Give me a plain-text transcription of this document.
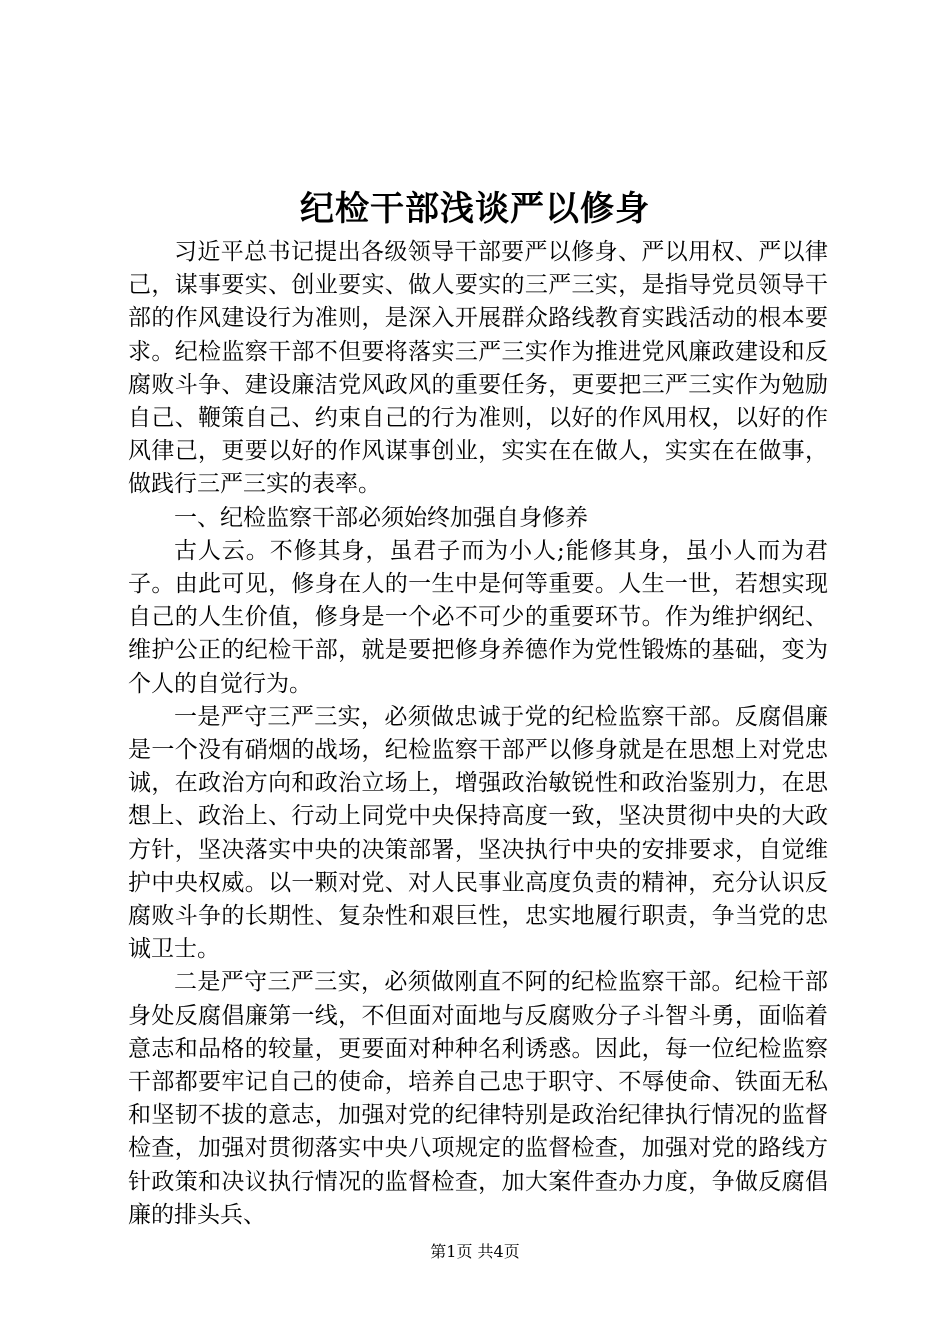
纪检干部浅谈严以修身

习近平总书记提出各级领导干部要严以修身、严以用权、严以律己，谋事要实、创业要实、做人要实的三严三实，是指导党员领导干部的作风建设行为准则，是深入开展群众路线教育实践活动的根本要求。纪检监察干部不但要将落实三严三实作为推进党风廉政建设和反腐败斗争、建设廉洁党风政风的重要任务，更要把三严三实作为勉励自己、鞭策自己、约束自己的行为准则，以好的作风用权，以好的作风律己，更要以好的作风谋事创业，实实在在做人，实实在在做事，做践行三严三实的表率。

一、纪检监察干部必须始终加强自身修养

古人云。不修其身，虽君子而为小人;能修其身，虽小人而为君子。由此可见，修身在人的一生中是何等重要。人生一世，若想实现自己的人生价值，修身是一个必不可少的重要环节。作为维护纲纪、维护公正的纪检干部，就是要把修身养德作为党性锻炼的基础，变为个人的自觉行为。

一是严守三严三实，必须做忠诚于党的纪检监察干部。反腐倡廉是一个没有硝烟的战场，纪检监察干部严以修身就是在思想上对党忠诚，在政治方向和政治立场上，增强政治敏锐性和政治鉴别力，在思想上、政治上、行动上同党中央保持高度一致，坚决贯彻中央的大政方针，坚决落实中央的决策部署，坚决执行中央的安排要求，自觉维护中央权威。以一颗对党、对人民事业高度负责的精神，充分认识反腐败斗争的长期性、复杂性和艰巨性，忠实地履行职责，争当党的忠诚卫士。

二是严守三严三实，必须做刚直不阿的纪检监察干部。纪检干部身处反腐倡廉第一线，不但面对面地与反腐败分子斗智斗勇，面临着意志和品格的较量，更要面对种种名利诱惑。因此，每一位纪检监察干部都要牢记自己的使命，培养自己忠于职守、不辱使命、铁面无私和坚韧不拔的意志，加强对党的纪律特别是政治纪律执行情况的监督检查，加强对贯彻落实中央八项规定的监督检查，加强对党的路线方针政策和决议执行情况的监督检查，加大案件查办力度，争做反腐倡廉的排头兵、

第1页 共4页
